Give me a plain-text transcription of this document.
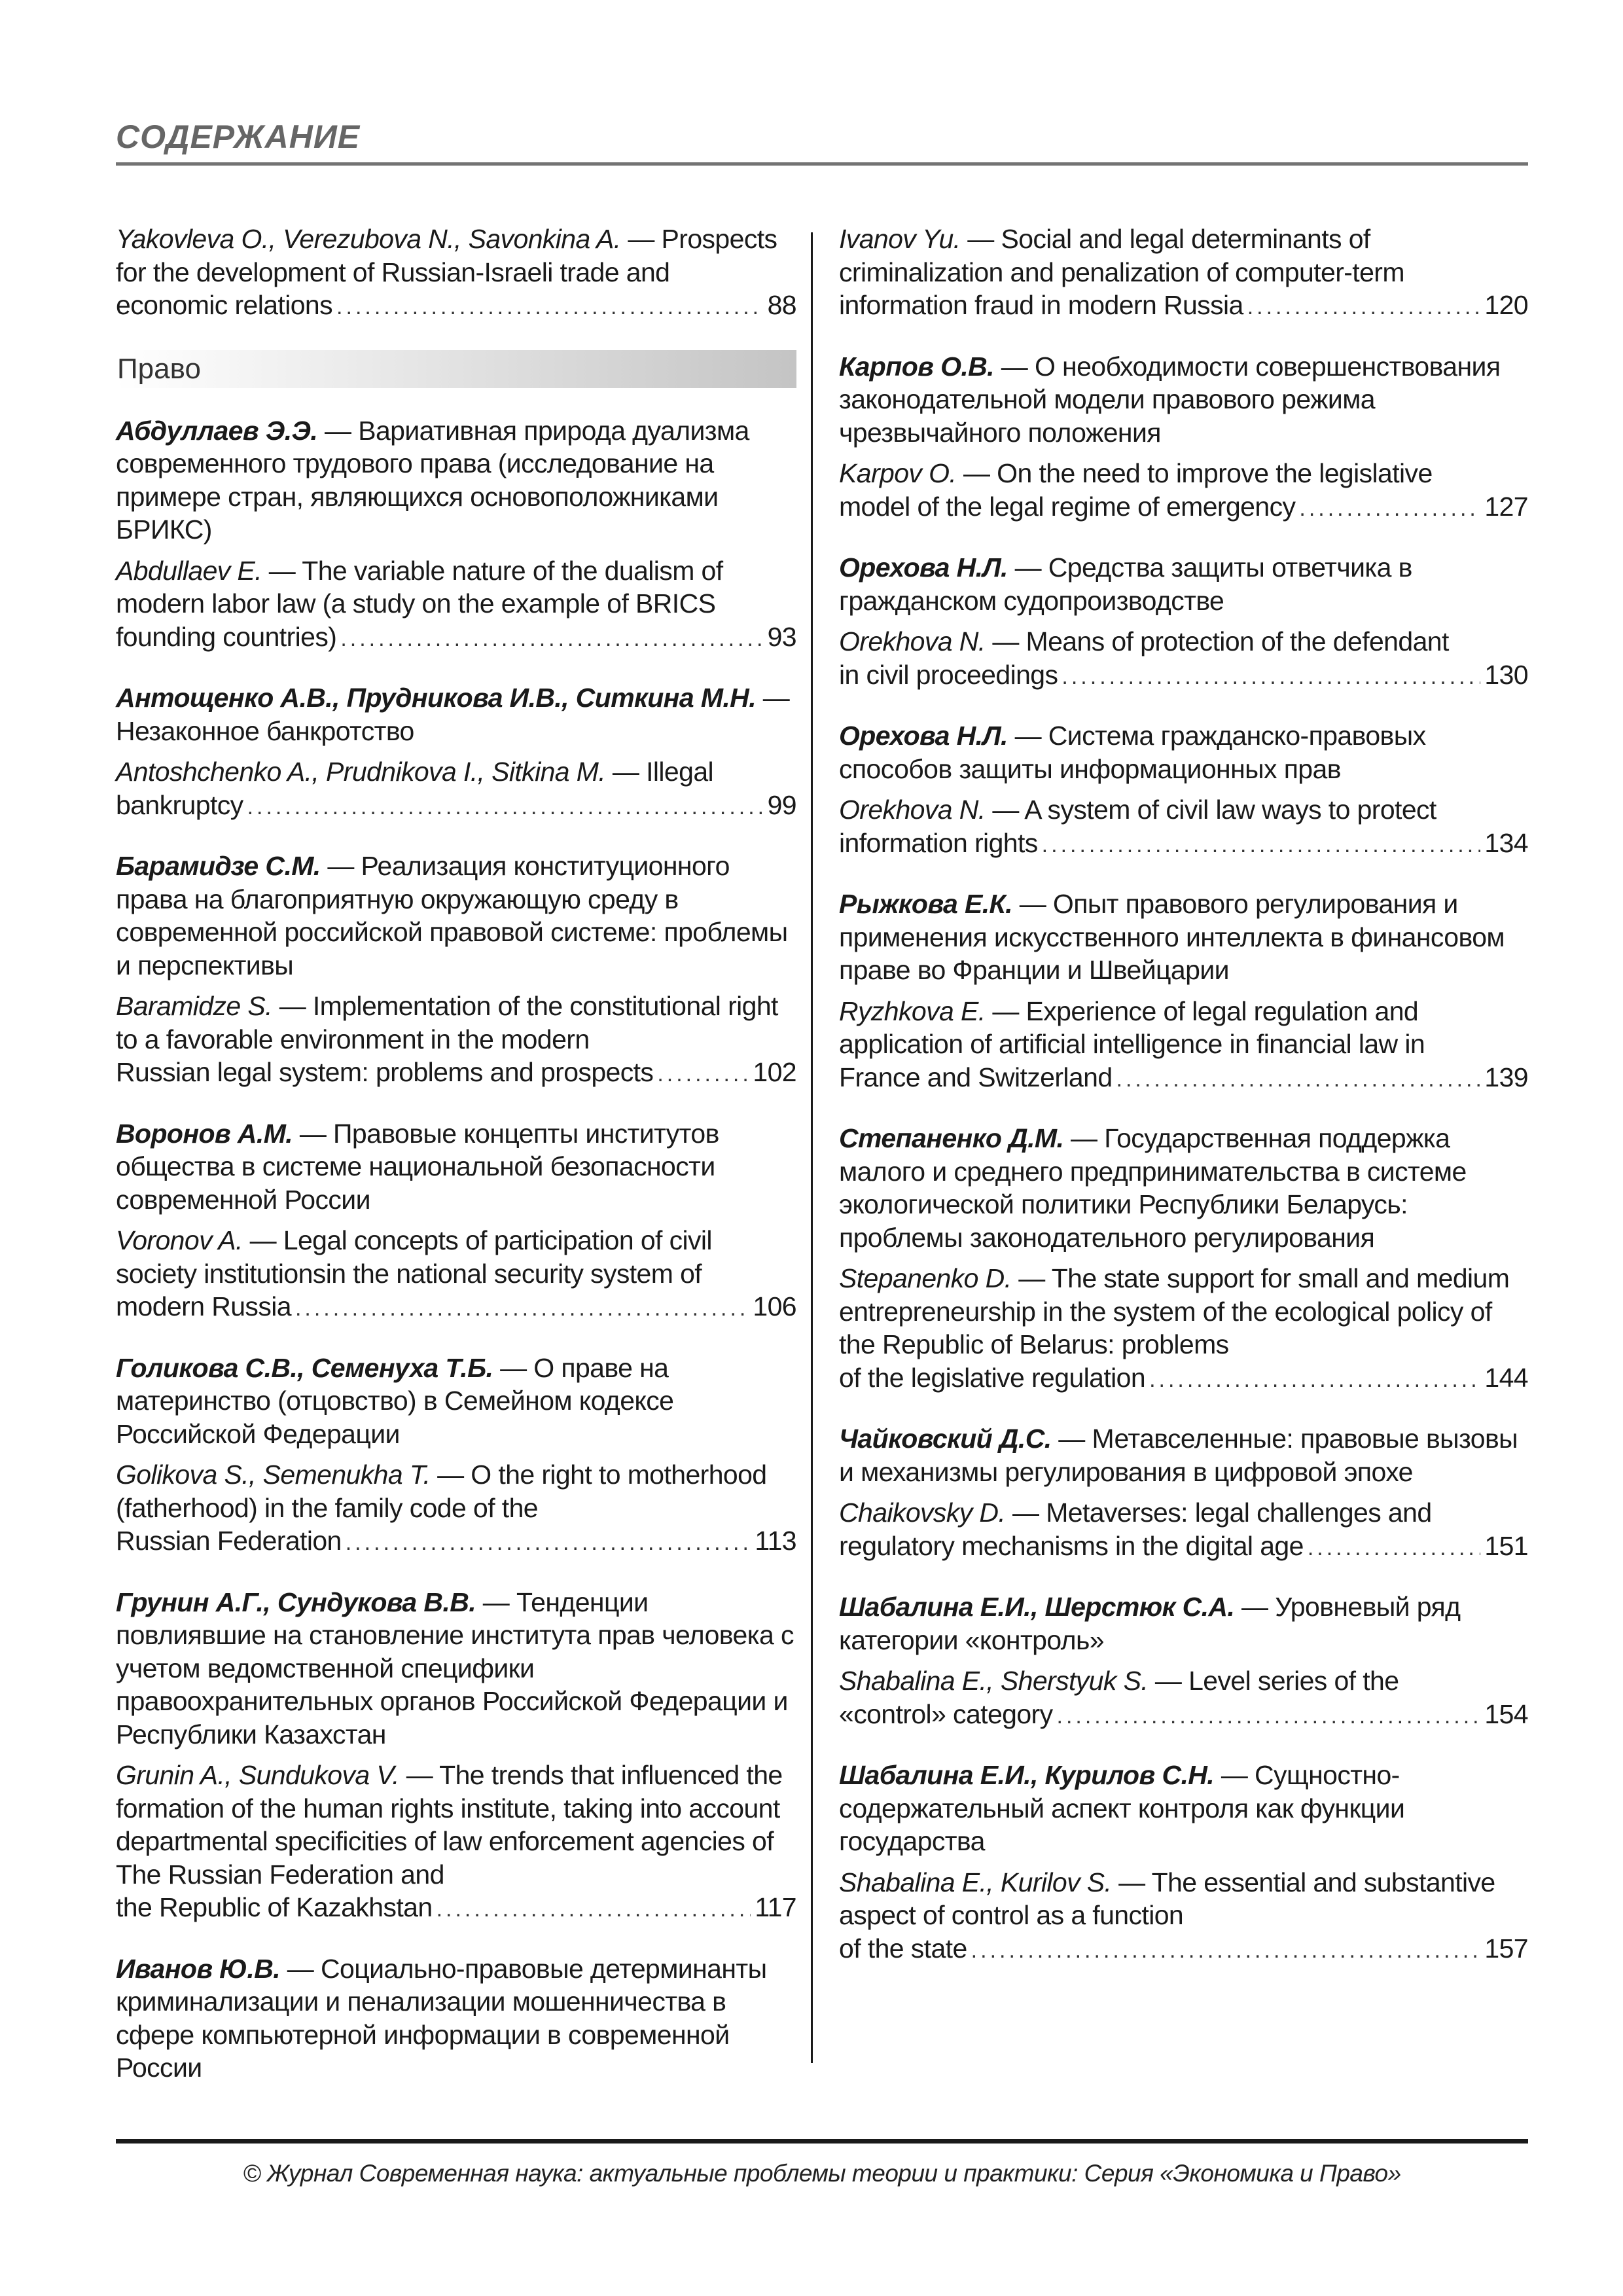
СОДЕРЖАНИЕ

Yakovleva O., Verezubova N., Savonkina A. — Prospects for the development of Russian-Israeli trade and

economic relations .....	88
Право

Абдуллаев Э.Э. — Вариативная природа дуализма современного трудового права (исследование на примере стран, являющихся основоположниками БРИКС)

Abdullaev E. — The variable nature of the dualism of modern labor law (a study on the example of BRICS

founding countries) .....	93

Антощенко А.В., Прудникова И.В., Ситкина М.Н. — Незаконное банкротство

Antoshchenko A., Prudnikova I., Sitkina M. — Illegal

bankruptcy .....	99

Барамидзе С.М. — Реализация конституционного права на благоприятную окружающую среду в современной российской правовой системе: проблемы и перспективы

Baramidze S. — Implementation of the constitutional right to a favorable environment in the modern

Russian legal system: problems and prospects .....	102

Воронов А.М. — Правовые концепты институтов общества в системе национальной безопасности современной России

Voronov A. — Legal concepts of participation of civil society institutionsin the national security system of

modern Russia .....	106

Голикова С.В., Семенуха Т.Б. — О праве на материнство (отцовство) в Семейном кодексе Российской Федерации

Golikova S., Semenukha T. — O the right to motherhood (fatherhood) in the family code of the

Russian Federation .....	113

Грунин А.Г., Сундукова В.В. — Тенденции повлиявшие на становление института прав человека с учетом ведомственной специфики правоохранительных органов Российской Федерации и Республики Казахстан

Grunin A., Sundukova V. — The trends that influenced the formation of the human rights institute, taking into account departmental specificities of law enforcement agencies of The Russian Federation and

the Republic of Kazakhstan .....	117

Иванов Ю.В. — Социально-правовые детерминанты криминализации и пенализации мошенничества в сфере компьютерной информации в современной России

Ivanov Yu. — Social and legal determinants of criminalization and penalization of computer-term

information fraud in modern Russia .....	120

Карпов О.В. — О необходимости совершенствования законодательной модели правового режима чрезвычайного положения

Karpov O. — On the need to improve the legislative

model of the legal regime of emergency .....	127

Орехова Н.Л. — Средства защиты ответчика в гражданском судопроизводстве

Orekhova N. — Means of protection of the defendant

in civil proceedings .....	130

Орехова Н.Л. — Система гражданско-правовых способов защиты информационных прав

Orekhova N. — A system of civil law ways to protect

information rights .....	134

Рыжкова Е.К. — Опыт правового регулирования и применения искусственного интеллекта в финансовом праве во Франции и Швейцарии

Ryzhkova E. — Experience of legal regulation and application of artificial intelligence in financial law in

France and Switzerland .....	139

Степаненко Д.М. — Государственная поддержка малого и среднего предпринимательства в системе экологической политики Республики Беларусь: проблемы законодательного регулирования

Stepanenko D. — The state support for small and medium entrepreneurship in the system of the ecological policy of the Republic of Belarus: problems

of the legislative regulation .....	144

Чайковский Д.С. — Метавселенные: правовые вызовы и механизмы регулирования в цифровой эпохе

Chaikovsky D. — Metaverses: legal challenges and

regulatory mechanisms in the digital age .....	151

Шабалина Е.И., Шерстюк С.А. — Уровневый ряд категории «контроль»

Shabalina E., Sherstyuk S. — Level series of the

«control» category .....	154

Шабалина Е.И., Курилов С.Н. — Сущностно-содержательный аспект контроля как функции государства

Shabalina E., Kurilov S. — The essential and substantive aspect of control as a function

of the state .....	157
© Журнал Современная наука: актуальные проблемы теории и практики: Серия «Экономика и Право»
